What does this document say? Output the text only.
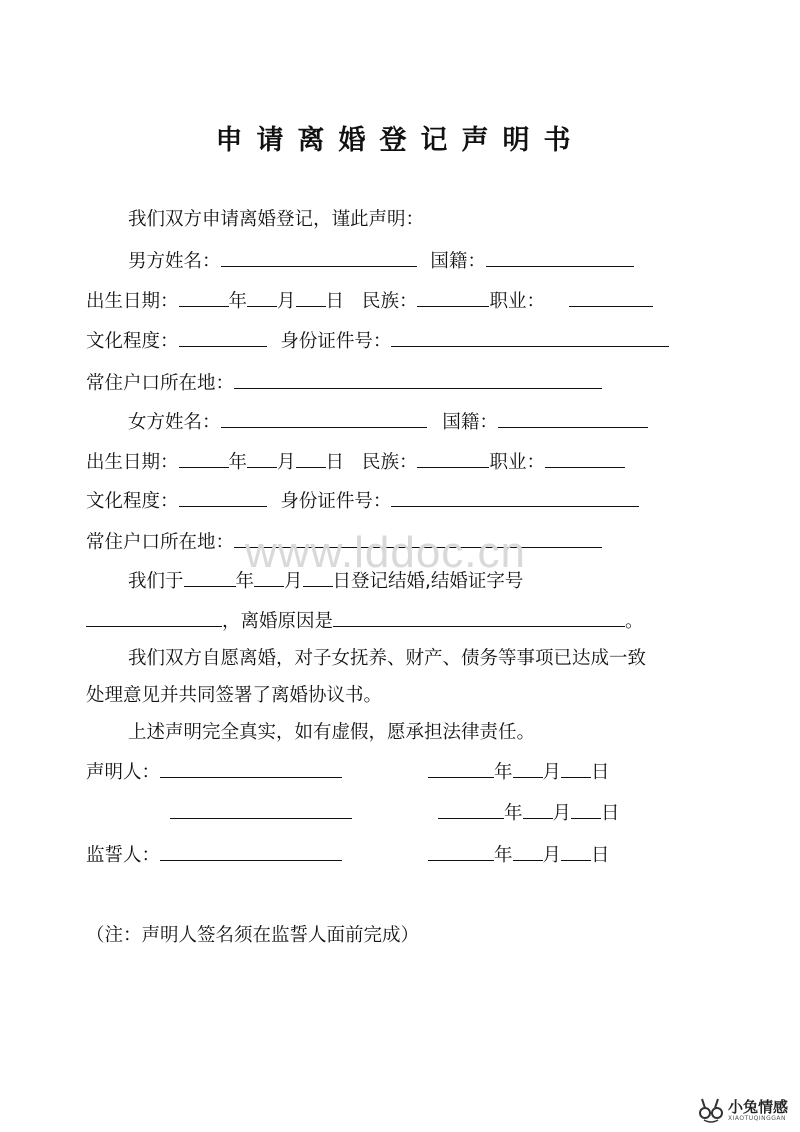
申请离婚登记声明书
我们双方申请离婚登记，谨此声明：
男方姓名：	国籍：
出生日期：	年 月 日 民族：	职业：
文化程度：	身份证件号：
常住户口所在地：
女方姓名：	国籍：
出生日期：	年 月 日 民族：	职业：
文化程度：	身份证件号：
常住户口所在地：
我们于	年 月 日登记结婚,结婚证字号
，离婚原因是	。
我们双方自愿离婚，对子女抚养、财产、债务等事项已达成一致
处理意见并共同签署了离婚协议书。
上述声明完全真实，如有虚假，愿承担法律责任。
声明人：	年 月 日
年 月 日
监誓人：	年 月 日
（注：声明人签名须在监誓人面前完成）
www.lddoc.cn
小兔情感
XIAOTUQINGGAN
